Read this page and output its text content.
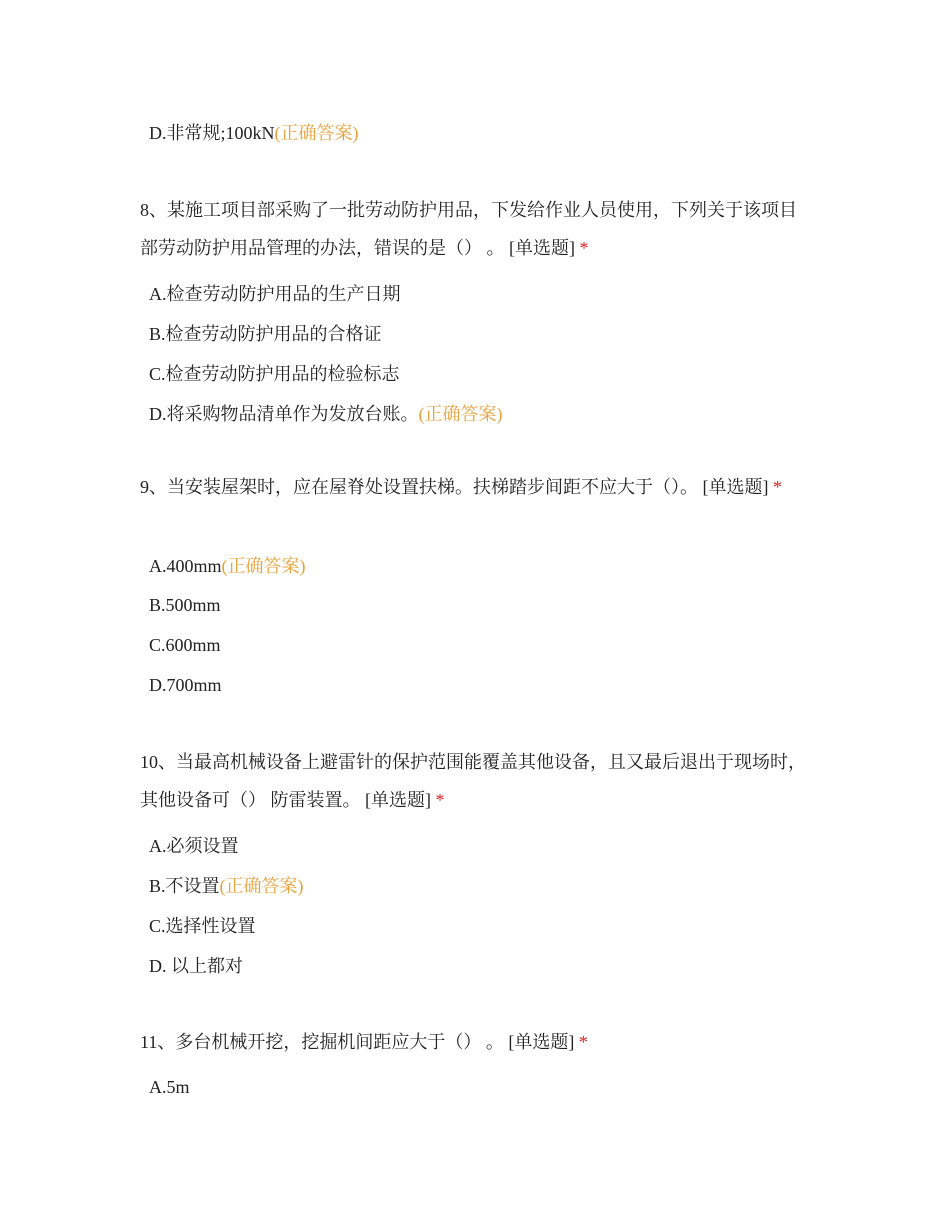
D.非常规;100kN(正确答案)
8、某施工项目部采购了一批劳动防护用品，下发给作业人员使用，下列关于该项目部劳动防护用品管理的办法，错误的是（） 。 [单选题] *
A.检查劳动防护用品的生产日期
B.检查劳动防护用品的合格证
C.检查劳动防护用品的检验标志
D.将采购物品清单作为发放台账。(正确答案)
9、当安装屋架时，应在屋脊处设置扶梯。扶梯踏步间距不应大于（）。 [单选题] *
A.400mm(正确答案)
B.500mm
C.600mm
D.700mm
10、当最高机械设备上避雷针的保护范围能覆盖其他设备，且又最后退出于现场时，其他设备可（） 防雷装置。 [单选题] *
A.必须设置
B.不设置(正确答案)
C.选择性设置
D. 以上都对
11、多台机械开挖，挖掘机间距应大于（） 。 [单选题] *
A.5m
